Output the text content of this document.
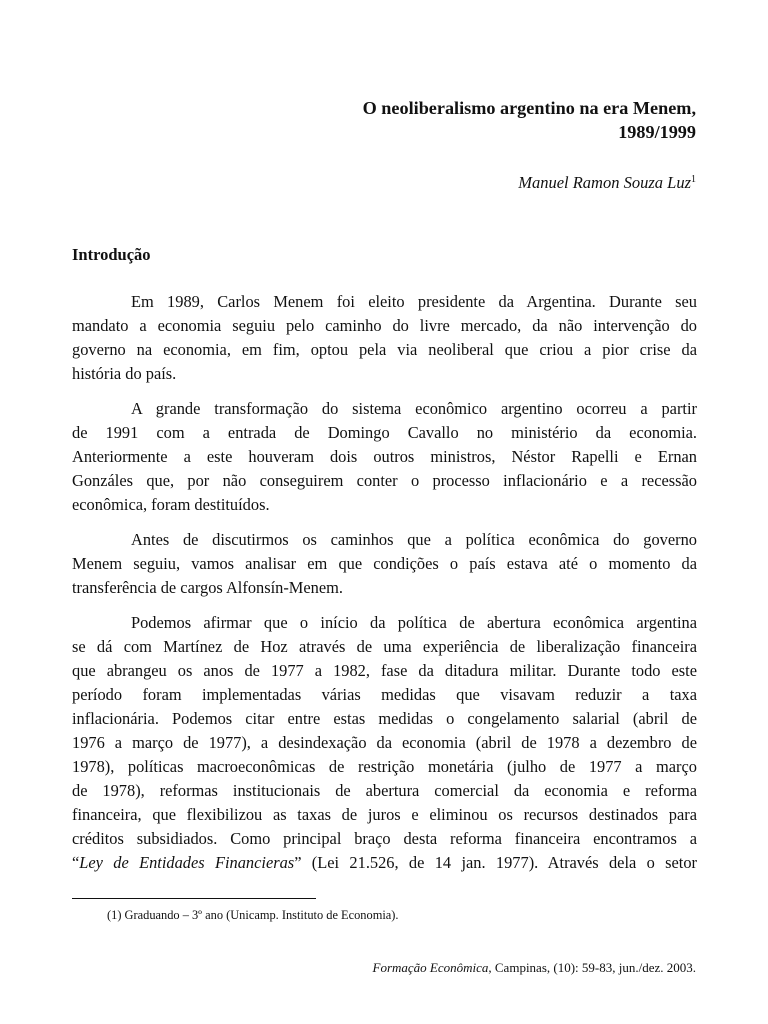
O neoliberalismo argentino na era Menem,
1989/1999
Manuel Ramon Souza Luz$^1$
Introdução

Em 1989, Carlos Menem foi eleito presidente da Argentina. Durante seu
mandato a economia seguiu pelo caminho do livre mercado, da não intervenção do
governo na economia, em fim, optou pela via neoliberal que criou a pior crise da
história do país.

A grande transformação do sistema econômico argentino ocorreu a partir
de 1991 com a entrada de Domingo Cavallo no ministério da economia.
Anteriormente a este houveram dois outros ministros, Néstor Rapelli e Ernan
Gonzáles que, por não conseguirem conter o processo inflacionário e a recessão
econômica, foram destituídos.

Antes de discutirmos os caminhos que a política econômica do governo
Menem seguiu, vamos analisar em que condições o país estava até o momento da
transferência de cargos Alfonsín-Menem.

Podemos afirmar que o início da política de abertura econômica argentina
se dá com Martínez de Hoz através de uma experiência de liberalização financeira
que abrangeu os anos de 1977 a 1982, fase da ditadura militar. Durante todo este
período foram implementadas várias medidas que visavam reduzir a taxa
inflacionária. Podemos citar entre estas medidas o congelamento salarial (abril de
1976 a março de 1977), a desindexação da economia (abril de 1978 a dezembro de
1978), políticas macroeconômicas de restrição monetária (julho de 1977 a março
de 1978), reformas institucionais de abertura comercial da economia e reforma
financeira, que flexibilizou as taxas de juros e eliminou os recursos destinados para
créditos subsidiados. Como principal braço desta reforma financeira encontramos a
“Ley de Entidades Financieras” (Lei 21.526, de 14 jan. 1977). Através dela o setor

(1) Graduando – 3º ano (Unicamp. Instituto de Economia).
Formação Econômica, Campinas, (10): 59-83, jun./dez. 2003.
